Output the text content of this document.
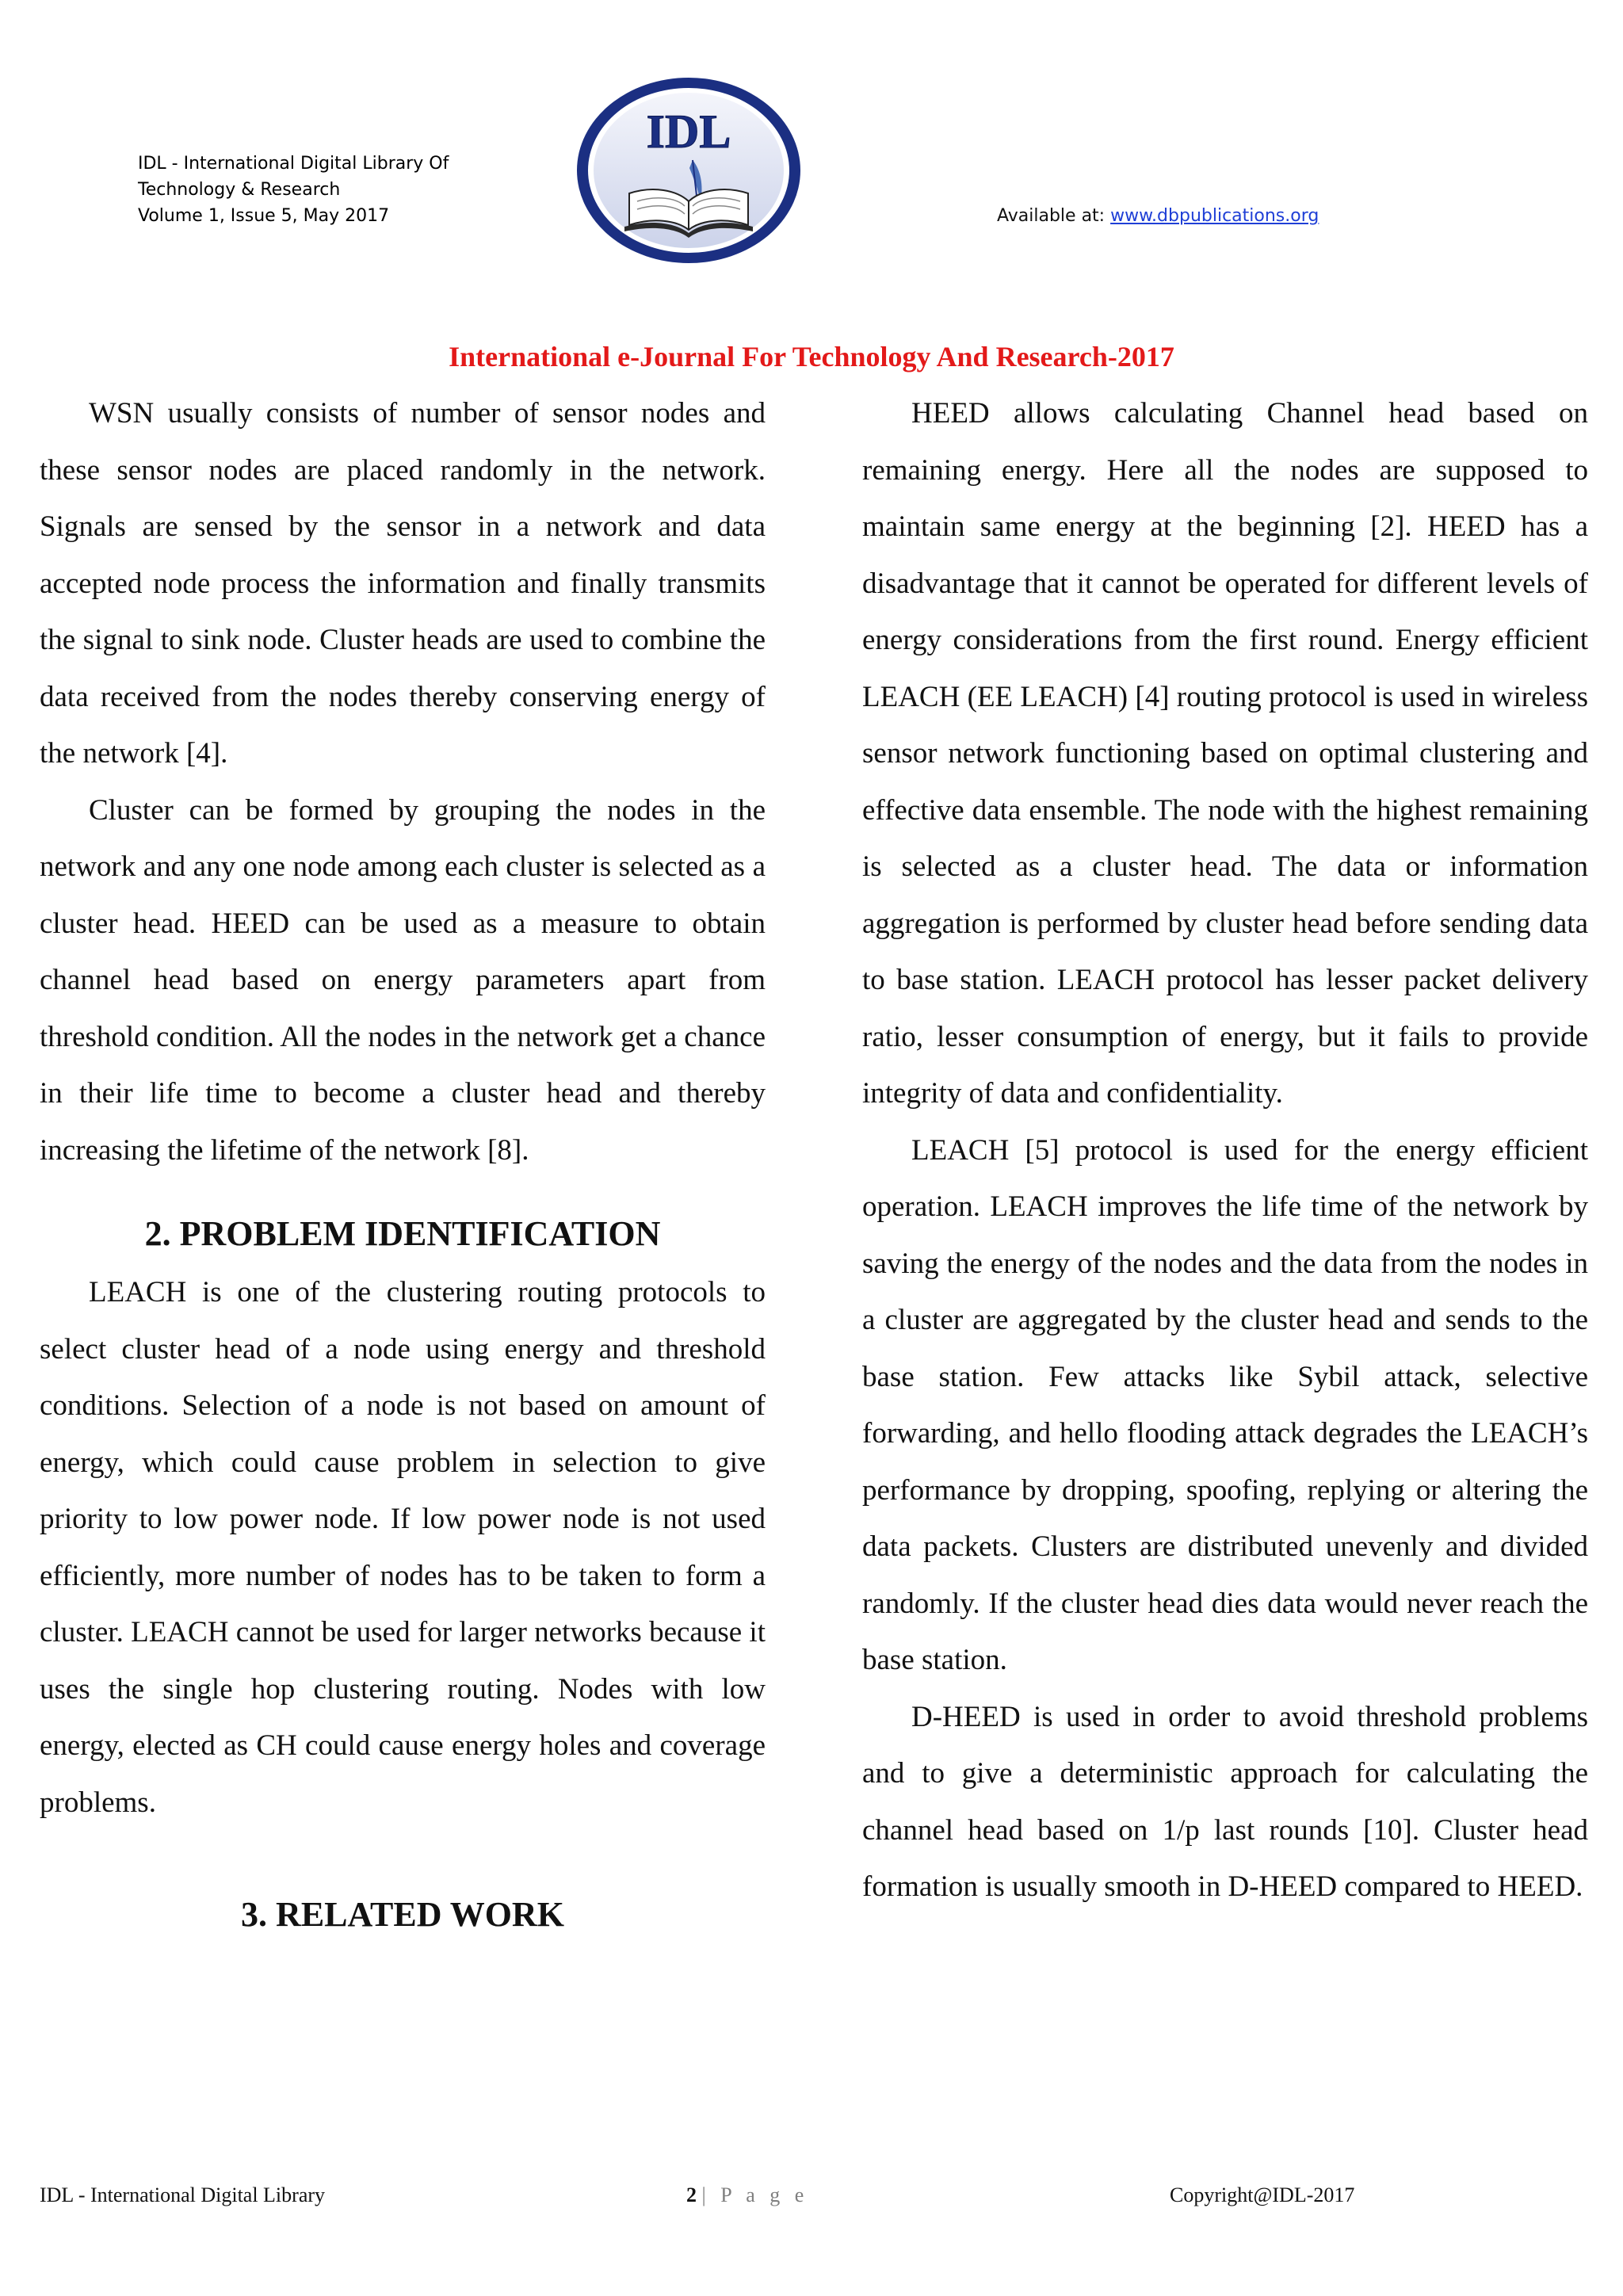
IDL - International Digital Library Of
Technology & Research
Volume 1, Issue 5, May 2017
IDL
Available at: www.dbpublications.org
International e-Journal For Technology And Research-2017

WSN usually consists of number of sensor nodes and these sensor nodes are placed randomly in the network. Signals are sensed by the sensor in a network and data accepted node process the information and finally transmits the signal to sink node. Cluster heads are used to combine the data received from the nodes thereby conserving energy of the network [4].

Cluster can be formed by grouping the nodes in the network and any one node among each cluster is selected as a cluster head. HEED can be used as a measure to obtain channel head based on energy parameters apart from threshold condition. All the nodes in the network get a chance in their life time to become a cluster head and thereby increasing the lifetime of the network [8].

2. PROBLEM IDENTIFICATION

LEACH is one of the clustering routing protocols to select cluster head of a node using energy and threshold conditions. Selection of a node is not based on amount of energy, which could cause problem in selection to give priority to low power node. If low power node is not used efficiently, more number of nodes has to be taken to form a cluster. LEACH cannot be used for larger networks because it uses the single hop clustering routing. Nodes with low energy, elected as CH could cause energy holes and coverage problems.

3. RELATED WORK

HEED allows calculating Channel head based on remaining energy. Here all the nodes are supposed to maintain same energy at the beginning [2]. HEED has a disadvantage that it cannot be operated for different levels of energy considerations from the first round. Energy efficient LEACH (EE LEACH) [4] routing protocol is used in wireless sensor network functioning based on optimal clustering and effective data ensemble. The node with the highest remaining is selected as a cluster head. The data or information aggregation is performed by cluster head before sending data to base station. LEACH protocol has lesser packet delivery ratio, lesser consumption of energy, but it fails to provide integrity of data and confidentiality.

LEACH [5] protocol is used for the energy efficient operation. LEACH improves the life time of the network by saving the energy of the nodes and the data from the nodes in a cluster are aggregated by the cluster head and sends to the base station. Few attacks like Sybil attack, selective forwarding, and hello flooding attack degrades the LEACH’s performance by dropping, spoofing, replying or altering the data packets. Clusters are distributed unevenly and divided randomly. If the cluster head dies data would never reach the base station.

D-HEED is used in order to avoid threshold problems and to give a deterministic approach for calculating the channel head based on 1/p last rounds [10]. Cluster head formation is usually smooth in D-HEED compared to HEED.

IDL - International Digital Library	2 | P a g e	Copyright@IDL-2017
